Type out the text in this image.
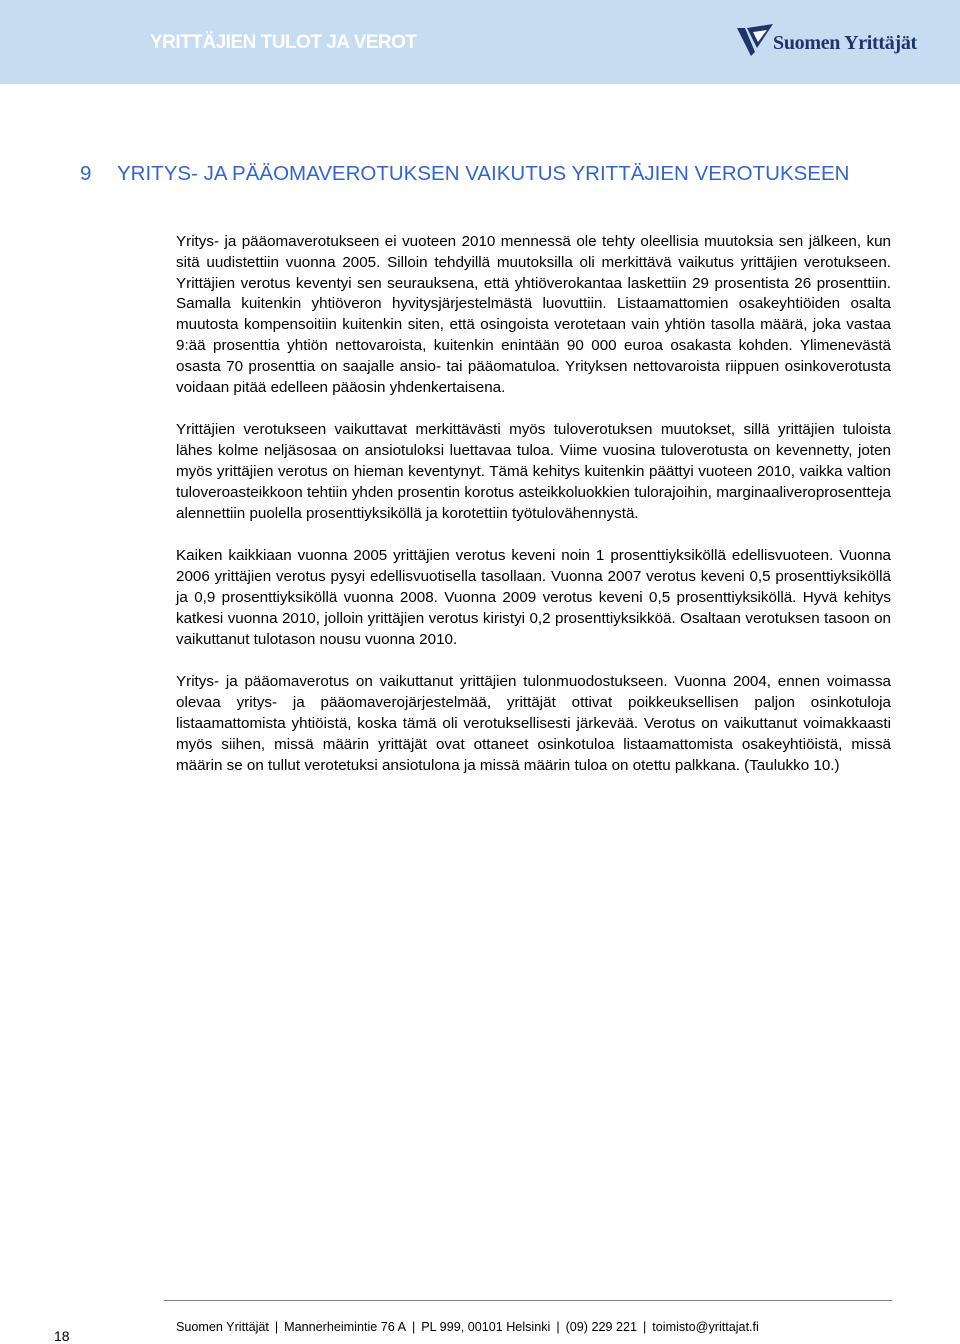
YRITTÄJIEN TULOT JA VEROT	Suomen Yrittäjät
9 YRITYS- JA PÄÄOMAVEROTUKSEN VAIKUTUS YRITTÄJIEN VEROTUKSEEN

Yritys- ja pääomaverotukseen ei vuoteen 2010 mennessä ole tehty oleellisia muutoksia sen jälkeen, kun sitä uudistettiin vuonna 2005. Silloin tehdyillä muutoksilla oli merkittävä vaikutus yrittäjien verotukseen. Yrittäjien verotus keventyi sen seurauksena, että yhtiöverokantaa laskettiin 29 prosentista 26 prosenttiin. Samalla kuitenkin yhtiöveron hyvitysjärjestelmästä luovuttiin. Listaamattomien osakeyhtiöiden osalta muutosta kompensoitiin kuitenkin siten, että osingoista verotetaan vain yhtiön tasolla määrä, joka vastaa 9:ää prosenttia yhtiön nettovaroista, kuitenkin enintään 90 000 euroa osakasta kohden. Ylimenevästä osasta 70 prosenttia on saajalle ansio- tai pääomatuloa. Yrityksen nettovaroista riippuen osinkoverotusta voidaan pitää edelleen pääosin yhdenkertaisena.

Yrittäjien verotukseen vaikuttavat merkittävästi myös tuloverotuksen muutokset, sillä yrittäjien tuloista lähes kolme neljäsosaa on ansiotuloksi luettavaa tuloa. Viime vuosina tuloverotusta on kevennetty, joten myös yrittäjien verotus on hieman keventynyt. Tämä kehitys kuitenkin päättyi vuoteen 2010, vaikka valtion tuloveroasteikkoon tehtiin yhden prosentin korotus asteikkoluokkien tulorajoihin, marginaaliveroprosentteja alennettiin puolella prosenttiyksiköllä ja korotettiin työtulovähennystä.

Kaiken kaikkiaan vuonna 2005 yrittäjien verotus keveni noin 1 prosenttiyksiköllä edellisvuoteen. Vuonna 2006 yrittäjien verotus pysyi edellisvuotisella tasollaan. Vuonna 2007 verotus keveni 0,5 prosenttiyksiköllä ja 0,9 prosenttiyksiköllä vuonna 2008. Vuonna 2009 verotus keveni 0,5 prosenttiyksiköllä. Hyvä kehitys katkesi vuonna 2010, jolloin yrittäjien verotus kiristyi 0,2 prosenttiyksikköä. Osaltaan verotuksen tasoon on vaikuttanut tulotason nousu vuonna 2010.

Yritys- ja pääomaverotus on vaikuttanut yrittäjien tulonmuodostukseen. Vuonna 2004, ennen voimassa olevaa yritys- ja pääomaverojärjestelmää, yrittäjät ottivat poikkeuksellisen paljon osinkotuloja listaamattomista yhtiöistä, koska tämä oli verotuksellisesti järkevää. Verotus on vaikuttanut voimakkaasti myös siihen, missä määrin yrittäjät ovat ottaneet osinkotuloa listaamattomista osakeyhtiöistä, missä määrin se on tullut verotetuksi ansiotulona ja missä määrin tuloa on otettu palkkana. (Taulukko 10.)

18
Suomen Yrittäjät | Mannerheimintie 76 A | PL 999, 00101 Helsinki | (09) 229 221 | toimisto@yrittajat.fi
